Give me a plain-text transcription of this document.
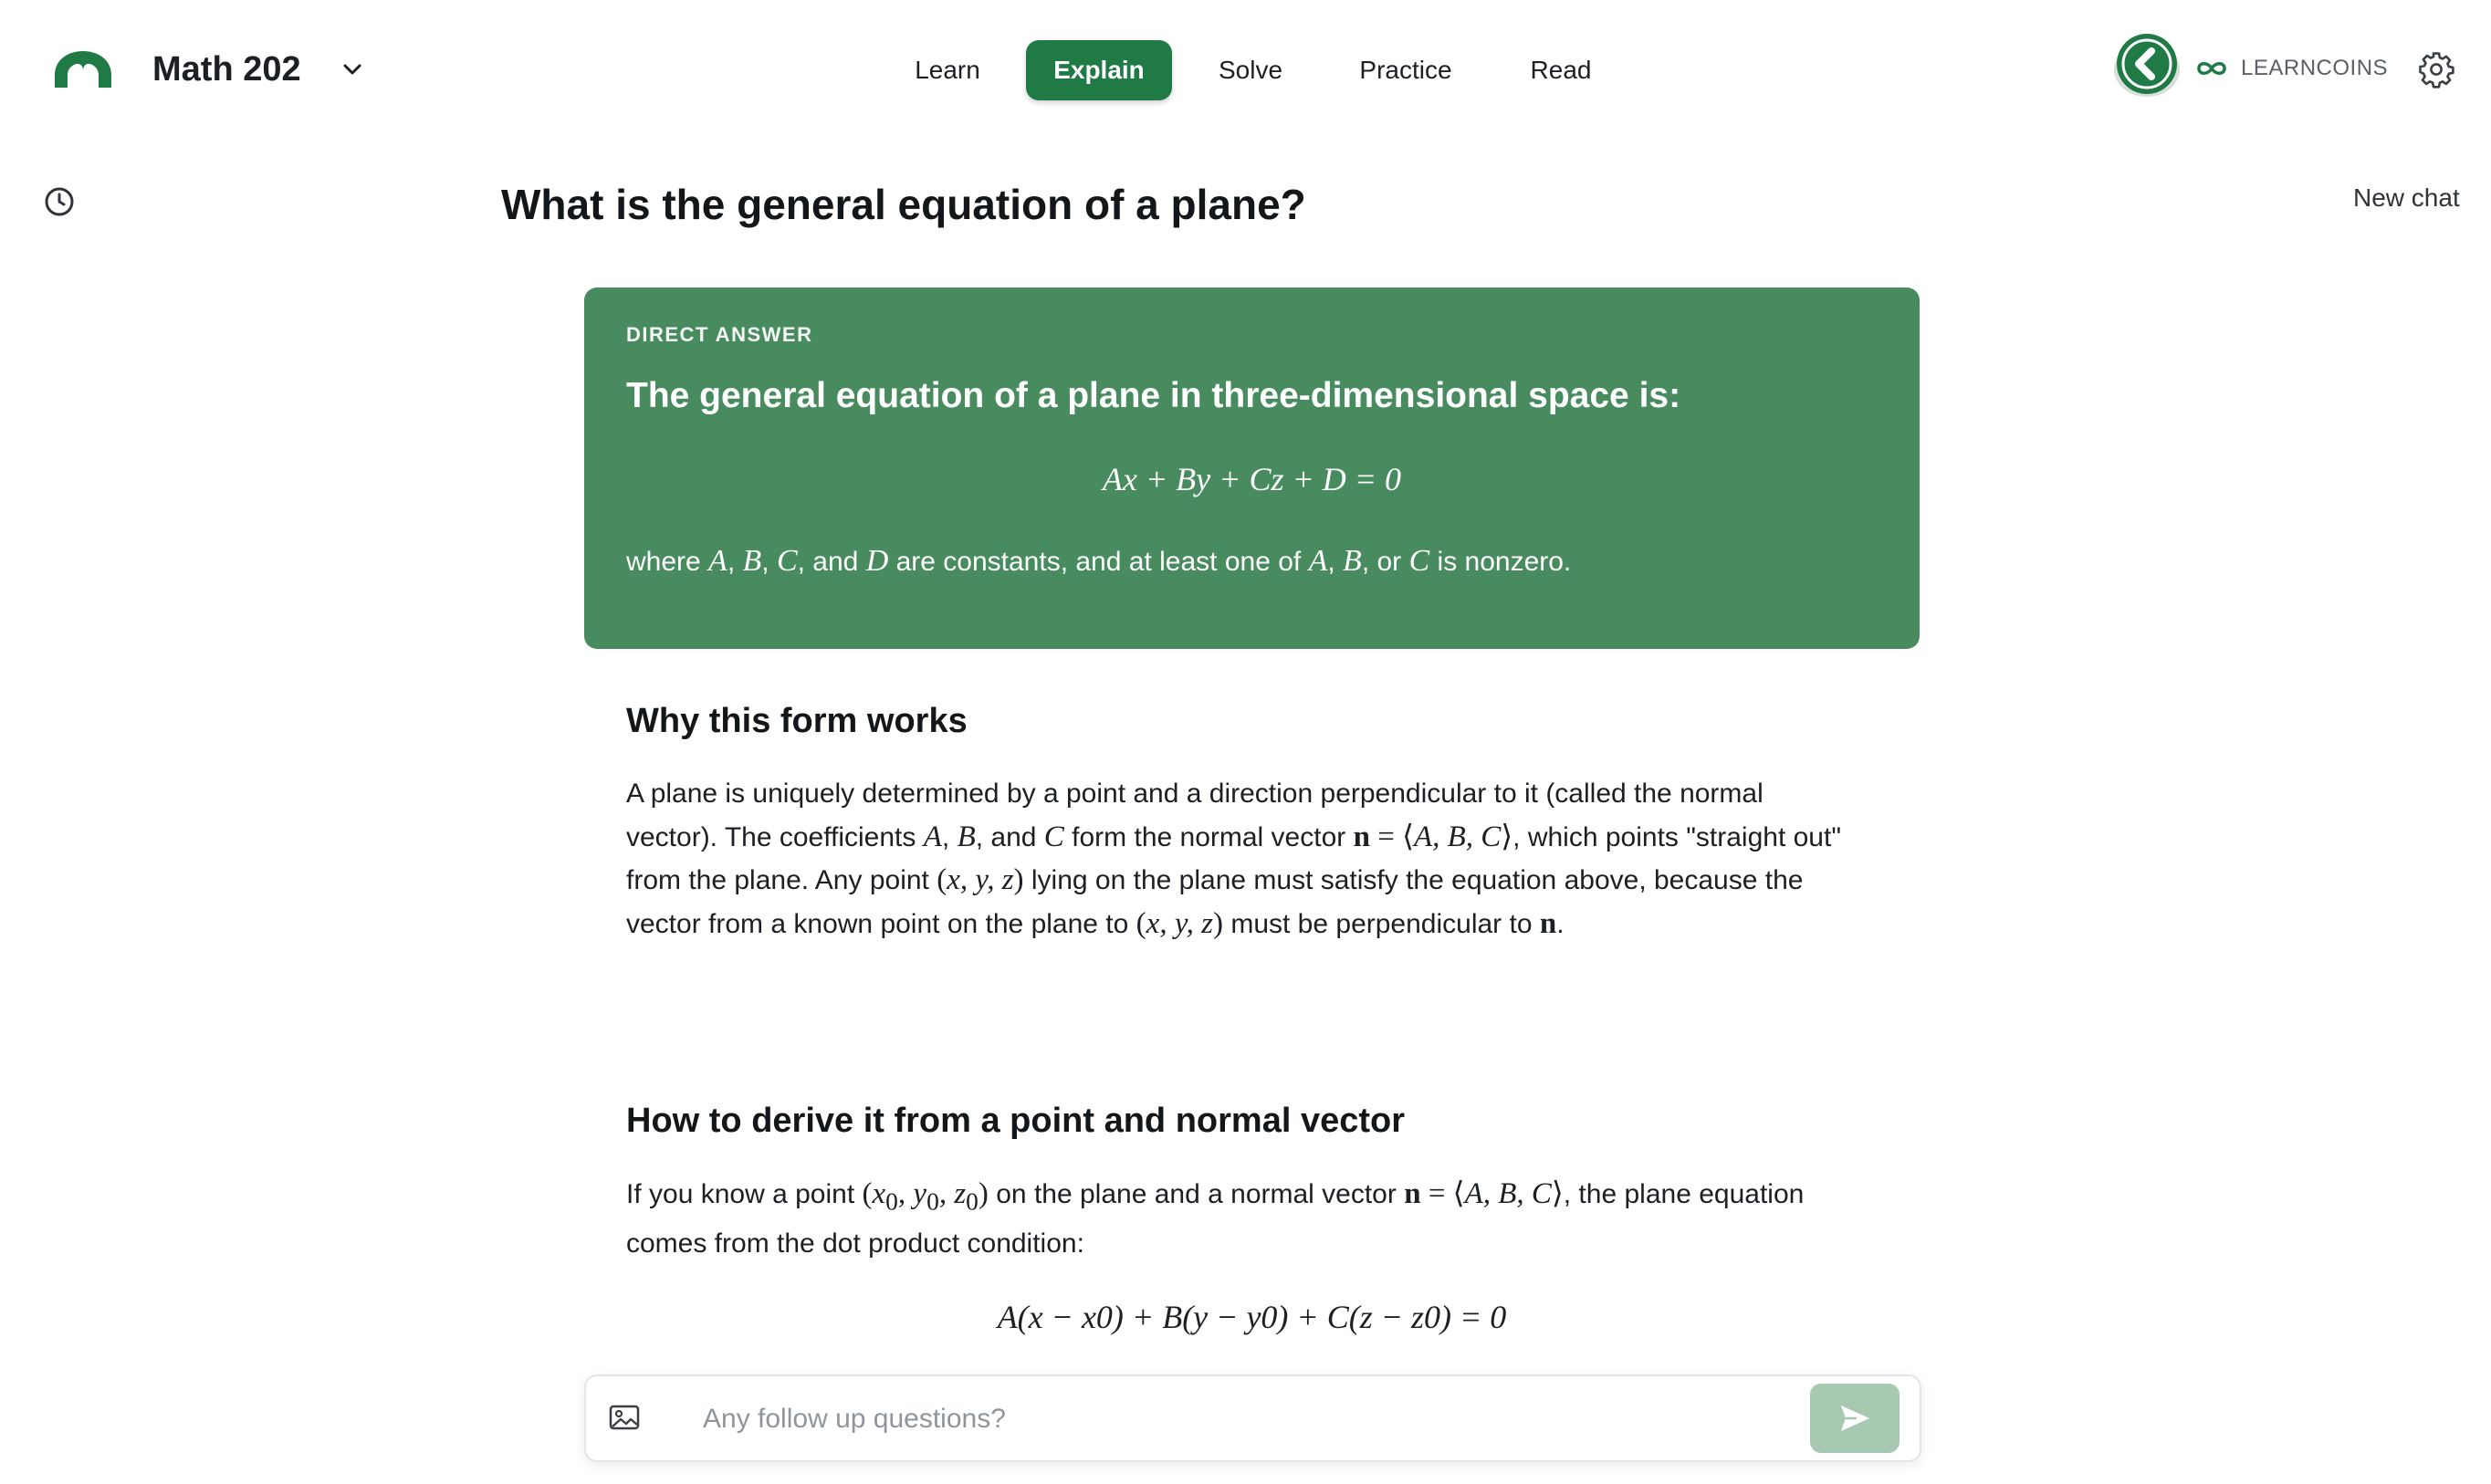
Math 202	Learn	Explain	Solve	Practice	Read	LEARNCOINS
New chat
What is the general equation of a plane?
DIRECT ANSWER
The general equation of a plane in three-dimensional space is:
Ax + By + Cz + D = 0
where A, B, C, and D are constants, and at least one of A, B, or C is nonzero.
Why this form works

A plane is uniquely determined by a point and a direction perpendicular to it (called the normal vector). The coefficients A, B, and C form the normal vector n = ⟨A, B, C⟩, which points "straight out" from the plane. Any point (x, y, z) lying on the plane must satisfy the equation above, because the vector from a known point on the plane to (x, y, z) must be perpendicular to n.

How to derive it from a point and normal vector

If you know a point ($x_0$, $y_0$, $z_0$) on the plane and a normal vector n = ⟨A, B, C⟩, the plane equation comes from the dot product condition:

A(x − x0) + B(y − y0) + C(z − z0) = 0
Any follow up questions?
